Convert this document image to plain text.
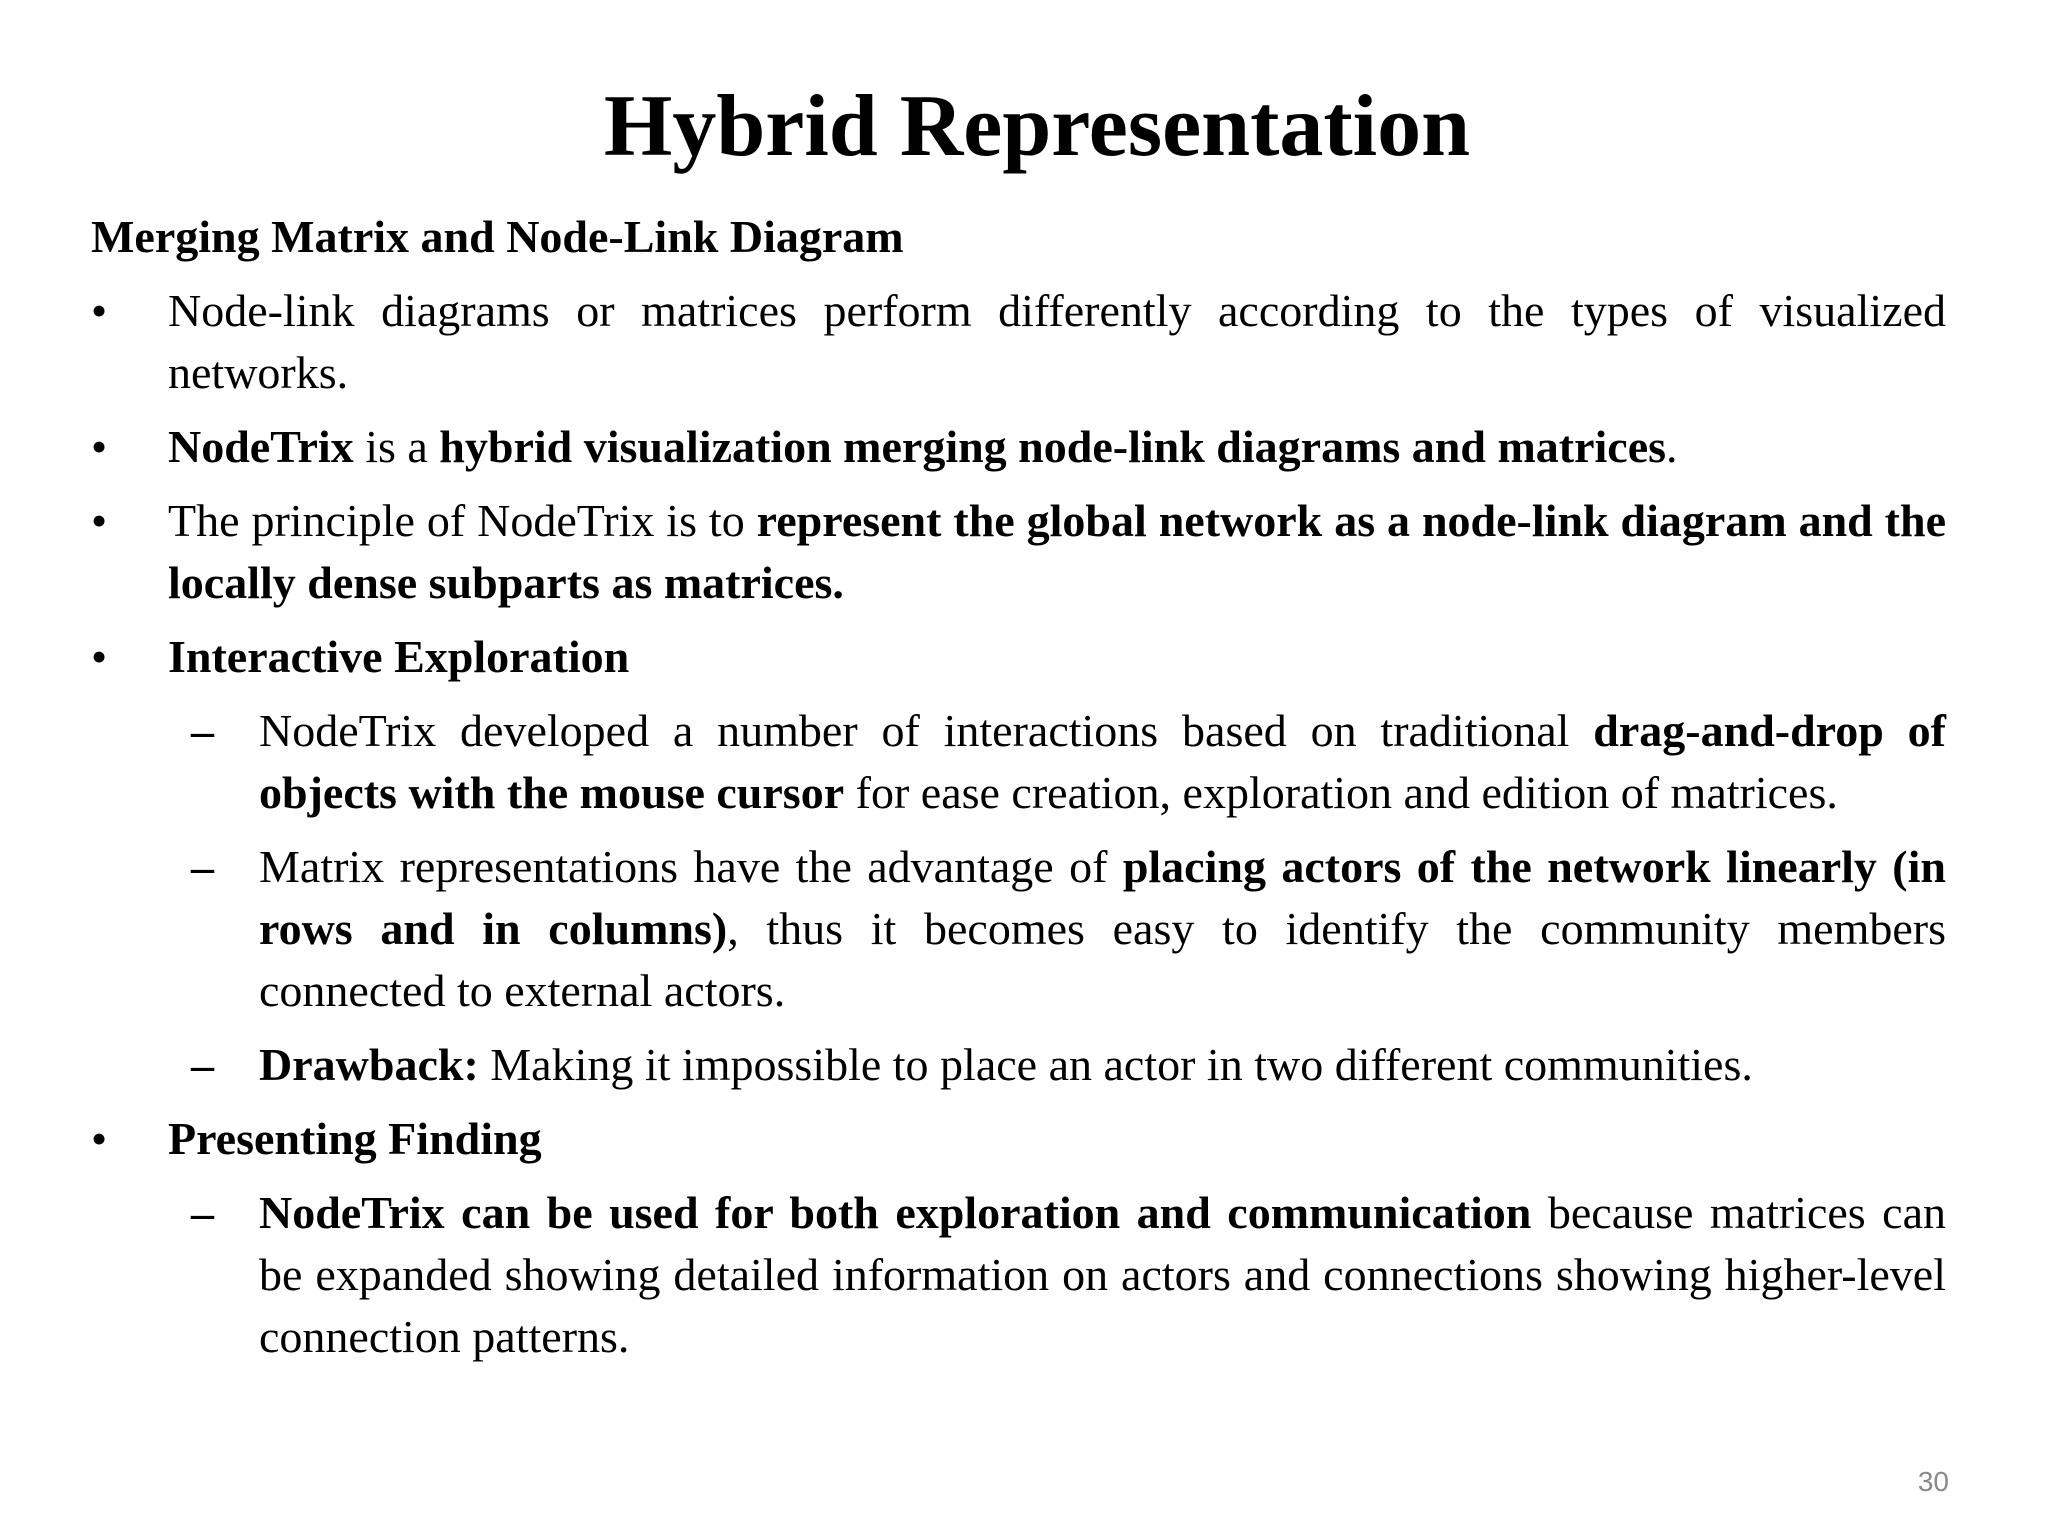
Hybrid Representation

Merging Matrix and Node-Link Diagram

• Node-link diagrams or matrices perform differently according to the types of visualized networks.

• NodeTrix is a hybrid visualization merging node-link diagrams and matrices.

• The principle of NodeTrix is to represent the global network as a node-link diagram and the locally dense subparts as matrices.

• Interactive Exploration

– NodeTrix developed a number of interactions based on traditional drag-and-drop of objects with the mouse cursor for ease creation, exploration and edition of matrices.

– Matrix representations have the advantage of placing actors of the network linearly (in rows and in columns), thus it becomes easy to identify the community members connected to external actors.

– Drawback: Making it impossible to place an actor in two different communities.

• Presenting Finding

– NodeTrix can be used for both exploration and communication because matrices can be expanded showing detailed information on actors and connections showing higher-level connection patterns.

30
